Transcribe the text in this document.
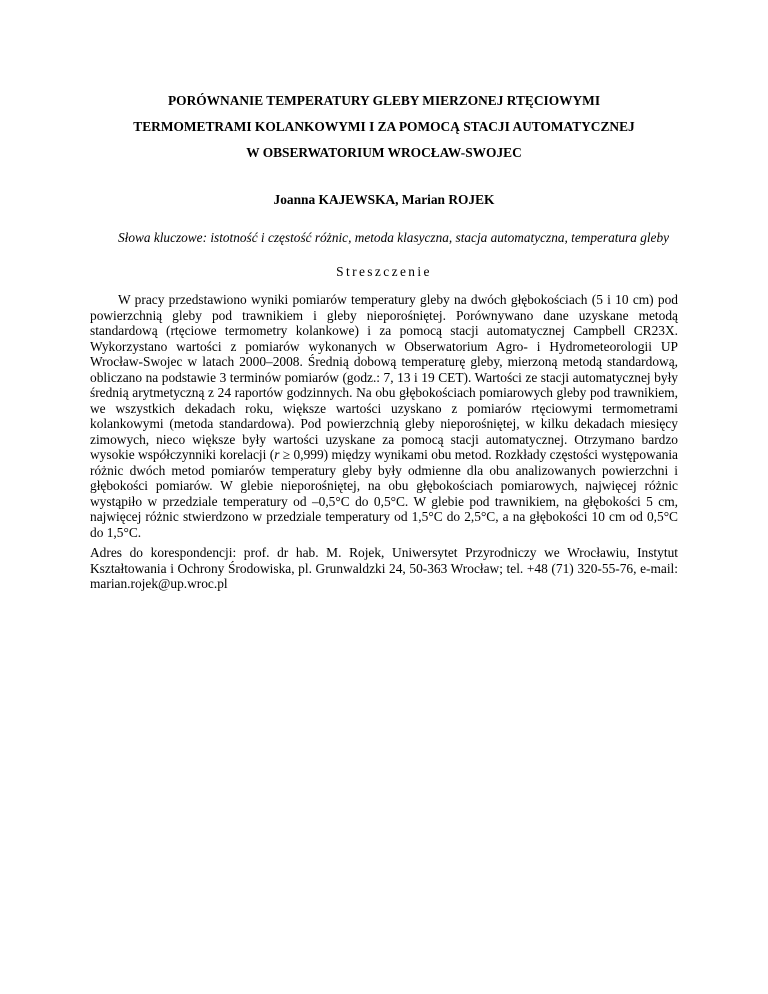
PORÓWNANIE TEMPERATURY GLEBY MIERZONEJ RTĘCIOWYMI
TERMOMETRAMI KOLANKOWYMI I ZA POMOCĄ STACJI AUTOMATYCZNEJ
W OBSERWATORIUM WROCŁAW-SWOJEC
Joanna KAJEWSKA, Marian ROJEK
Słowa kluczowe: istotność i częstość różnic, metoda klasyczna, stacja automatyczna, temperatura gleby
Streszczenie

W pracy przedstawiono wyniki pomiarów temperatury gleby na dwóch głębokościach (5 i 10 cm) pod powierzchnią gleby pod trawnikiem i gleby nieporośniętej. Porównywano dane uzyskane metodą standardową (rtęciowe termometry kolankowe) i za pomocą stacji automatycznej Campbell CR23X. Wykorzystano wartości z pomiarów wykonanych w Obserwatorium Agro- i Hydrometeorologii UP Wrocław-Swojec w latach 2000–2008. Średnią dobową temperaturę gleby, mierzoną metodą standardową, obliczano na podstawie 3 terminów pomiarów (godz.: 7, 13 i 19 CET). Wartości ze stacji automatycznej były średnią arytmetyczną z 24 raportów godzinnych. Na obu głębokościach pomiarowych gleby pod trawnikiem, we wszystkich dekadach roku, większe wartości uzyskano z pomiarów rtęciowymi termometrami kolankowymi (metoda standardowa). Pod powierzchnią gleby nieporośniętej, w kilku dekadach miesięcy zimowych, nieco większe były wartości uzyskane za pomocą stacji automatycznej. Otrzymano bardzo wysokie współczynniki korelacji (r ≥ 0,999) między wynikami obu metod. Rozkłady częstości występowania różnic dwóch metod pomiarów temperatury gleby były odmienne dla obu analizowanych powierzchni i głębokości pomiarów. W glebie nieporośniętej, na obu głębokościach pomiarowych, najwięcej różnic wystąpiło w przedziale temperatury od –0,5°C do 0,5°C. W glebie pod trawnikiem, na głębokości 5 cm, najwięcej różnic stwierdzono w przedziale temperatury od 1,5°C do 2,5°C, a na głębokości 10 cm od 0,5°C do 1,5°C.

Adres do korespondencji: prof. dr hab. M. Rojek, Uniwersytet Przyrodniczy we Wrocławiu, Instytut Kształtowania i Ochrony Środowiska, pl. Grunwaldzki 24, 50-363 Wrocław; tel. +48 (71) 320-55-76, e-mail: marian.rojek@up.wroc.pl
